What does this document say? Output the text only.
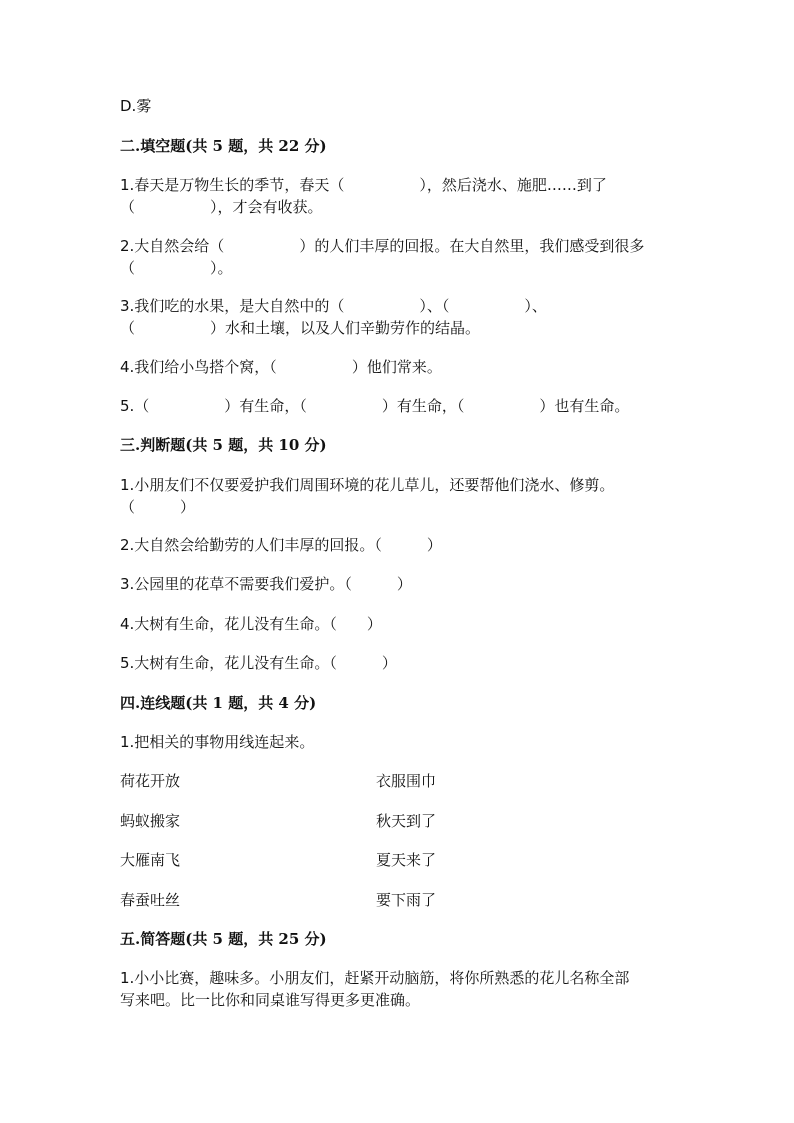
D.雾
二.填空题(共 5 题，共 22 分)
1.春天是万物生长的季节，春天（　　　　　），然后浇水、施肥……到了
（　　　　　），才会有收获。
2.大自然会给（　　　　　）的人们丰厚的回报。在大自然里，我们感受到很多
（　　　　　）。
3.我们吃的水果，是大自然中的（　　　　　）、（　　　　　）、
（　　　　　）水和土壤，以及人们辛勤劳作的结晶。
4.我们给小鸟搭个窝，（　　　　　）他们常来。
5.（　　　　　）有生命，（　　　　　）有生命，（　　　　　）也有生命。
三.判断题(共 5 题，共 10 分)
1.小朋友们不仅要爱护我们周围环境的花儿草儿，还要帮他们浇水、修剪。
（　　　）
2.大自然会给勤劳的人们丰厚的回报。（　　　）
3.公园里的花草不需要我们爱护。（　　　）
4.大树有生命，花儿没有生命。（　　）
5.大树有生命，花儿没有生命。（　　　）
四.连线题(共 1 题，共 4 分)
1.把相关的事物用线连起来。
荷花开放	衣服围巾
蚂蚁搬家	秋天到了
大雁南飞	夏天来了
春蚕吐丝	要下雨了
五.简答题(共 5 题，共 25 分)
1.小小比赛，趣味多。小朋友们，赶紧开动脑筋，将你所熟悉的花儿名称全部
写来吧。比一比你和同桌谁写得更多更准确。
